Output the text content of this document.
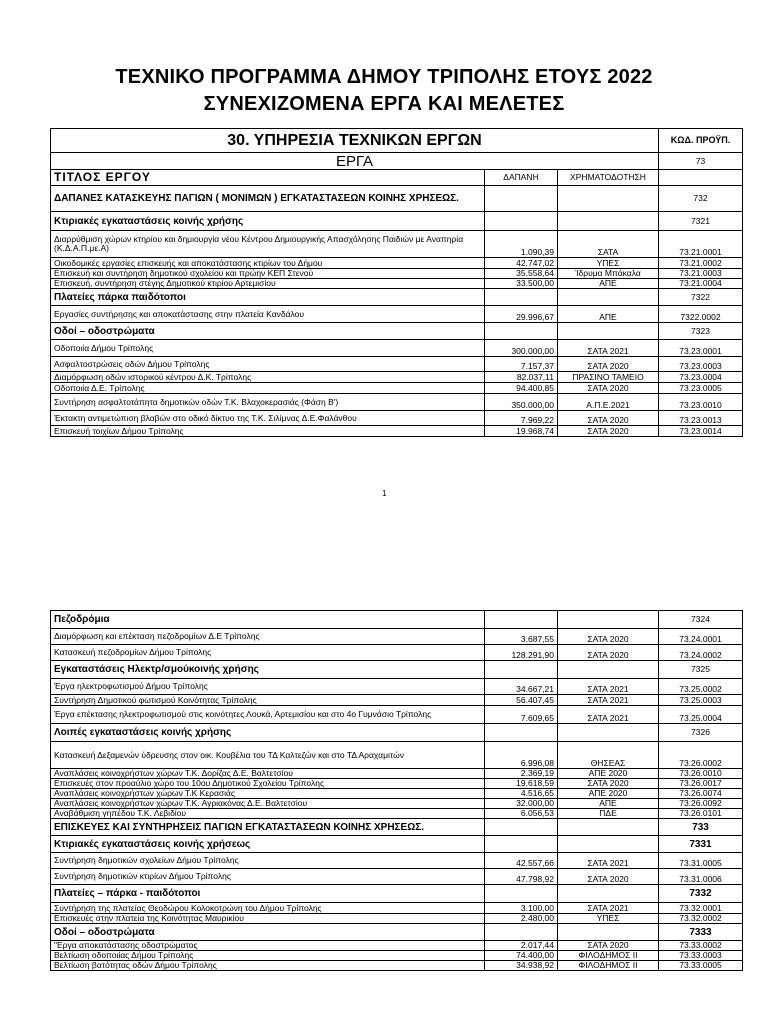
ΤΕΧΝΙΚΟ ΠΡΟΓΡΑΜΜΑ ΔΗΜΟΥ ΤΡΙΠΟΛΗΣ ΕΤΟΥΣ 2022
ΣΥΝΕΧΙΖΟΜΕΝΑ ΕΡΓΑ ΚΑΙ ΜΕΛΕΤΕΣ
30. ΥΠΗΡΕΣΙΑ ΤΕΧΝΙΚΩΝ ΕΡΓΩΝ			ΚΩΔ. ΠΡΟΫΠ.
ΕΡΓΑ			73
ΤΙΤΛΟΣ ΕΡΓΟΥ	ΔΑΠΑΝΗ	ΧΡΗΜΑΤΟΔΟΤΗΣΗ	
ΔΑΠΑΝΕΣ ΚΑΤΑΣΚΕΥΗΣ ΠΑΓΙΩΝ ( ΜΟΝΙΜΩΝ ) ΕΓΚΑΤΑΣΤΑΣΕΩΝ ΚΟΙΝΗΣ ΧΡΗΣΕΩΣ.			732
Κτιριακές εγκαταστάσεις κοινής χρήσης			7321
Διαρρύθμιση χώρων κτηρίου και δημιουργία νέου Κέντρου Δημιουργικής Απασχόλησης Παιδιών με Αναπηρία (Κ.Δ.Α.Π.με.Α)	1.090,39	ΣΑΤΑ	73.21.0001
Οικοδομικές εργασίες επισκευής και αποκατάστασης κτιρίων του Δήμου	42.747,02	ΥΠΕΣ	73.21.0002
Επισκευή και συντήρηση δημοτικού σχολείου και πρώην ΚΕΠ Στενού	35.558,64	Ίδρυμα Μπάκαλα	73.21.0003
Επισκευή, συντήρηση στέγης Δημοτικού κτιρίου Αρτεμισίου	33.500,00	ΑΠΕ	73.21.0004
Πλατείες πάρκα παιδότοποι			7322
Εργασίες συντήρησης και αποκατάστασης στην πλατεία Κανδάλου	29.996,67	ΑΠΕ	7322.0002
Οδοί – οδοστρώματα			7323
Οδοποιία Δήμου Τρίπολης	300.000,00	ΣΑΤΑ 2021	73.23.0001
Ασφαλτοστρώσεις οδών Δήμου Τρίπολης	7.157,37	ΣΑΤΑ 2020	73.23.0003
Διαμόρφωση οδών ιστορικού κέντρου Δ.Κ. Τρίπολης	82.037,11	ΠΡΑΣΙΝΟ ΤΑΜΕΙΟ	73.23.0004
Οδοποιία Δ.Ε. Τρίπολης	94.400,85	ΣΑΤΑ 2020	73.23.0005
Συντήρηση ασφαλτοτάπητα δημοτικών οδών Τ.Κ. Βλαχοκερασιάς (Φάση Β')	350.000,00	Α.Π.Ε.2021	73.23.0010
Έκτακτη αντιμετώπιση βλαβών στο οδικό δίκτυο της Τ.Κ. Σιλίμνας Δ.Ε.Φαλάνθου	7.969,22	ΣΑΤΑ 2020	73.23.0013
Επισκευή τοιχίων Δήμου Τρίπολης	19.968,74	ΣΑΤΑ 2020	73.23.0014
1
Πεζοδρόμια			7324
Διαμόρφωση και επέκταση πεζοδρομίων Δ.Ε Τρίπολης	3.687,55	ΣΑΤΑ 2020	73.24.0001
Κατασκευή πεζοδρομίων Δήμου Τρίπολης	128.291,90	ΣΑΤΑ 2020	73.24.0002
Εγκαταστάσεις Ηλεκτρ/σμούκοινής χρήσης			7325
Έργα ηλεκτροφωτισμού Δήμου Τρίπολης	34.667,21	ΣΑΤΑ 2021	73.25.0002
Συντήρηση Δημοτικού φωτισμού Κοινότητας Τρίπολης	56.407,45	ΣΑΤΑ 2021	73.25.0003
Έργα επέκτασης ηλεκτροφωτισμού στις κοινότητες Λουκά, Αρτεμισίου και στο 4ο Γυμνάσιο Τρίπολης	7.609,65	ΣΑΤΑ 2021	73.25.0004
Λοιπές εγκαταστάσεις κοινής χρήσης			7326
Κατασκευή Δεξαμενών ύδρευσης στον οικ. Κουβέλια του ΤΔ Καλτεζών και στο ΤΔ Αραχαμιτών	6.996,08	ΘΗΣΕΑΣ	73.26.0002
Αναπλάσεις κοινοχρήστων χώρων Τ.Κ. Δορίζας Δ.Ε. Βαλτετσίου	2.369,19	ΑΠΕ 2020	73.26.0010
Επισκευές στον προαύλιο χώρο του 10ου Δημοτικού Σχολείου Τρίπολης	19.618,59	ΣΑΤΑ 2020	73.26.0017
Αναπλάσεις κοινοχρήστων χώρων Τ.Κ Κερασιάς	4.516,65	ΑΠΕ 2020	73.26.0074
Αναπλάσεις κοινοχρήστων χώρων Τ.Κ. Αγριακόνας Δ.Ε. Βαλτετσίου	32.000,00	ΑΠΕ	73.26.0092
Αναβάθμιση γηπέδου Τ.Κ. Λεβιδίου	6.056,53	ΠΔΕ	73.26.0101
ΕΠΙΣΚΕΥΕΣ ΚΑΙ ΣΥΝΤΗΡΗΣΕΙΣ ΠΑΓΙΩΝ ΕΓΚΑΤΑΣΤΑΣΕΩΝ ΚΟΙΝΗΣ ΧΡΗΣΕΩΣ.			733
Κτιριακές εγκαταστάσεις κοινής χρήσεως			7331
Συντήρηση δημοτικών σχολείων Δήμου Τρίπολης	42.557,66	ΣΑΤΑ 2021	73.31.0005
Συντήρηση δημοτικών κτιρίων Δήμου Τρίπολης	47.798,92	ΣΑΤΑ 2020	73.31.0006
Πλατείες – πάρκα - παιδότοποι			7332
Συντήρηση της πλατείας Θεοδώρου Κολοκοτρώνη του Δήμου Τρίπολης	3.100,00	ΣΑΤΑ 2021	73.32.0001
Επισκευές στην πλατεία της Κοινότητας Μαυρικίου	2.480,00	ΥΠΕΣ	73.32.0002
Οδοί – οδοστρώματα			7333
"Εργα αποκατάστασης οδοστρώματος	2.017,44	ΣΑΤΑ 2020	73.33.0002
Βελτίωση οδοποιίας Δήμου Τρίπολης	74.400,00	ΦΙΛΟΔΗΜΟΣ ΙΙ	73.33.0003
Βελτίωση βατότητας οδών Δήμου Τρίπολης	34.938,92	ΦΙΛΟΔΗΜΟΣ ΙΙ	73.33.0005
